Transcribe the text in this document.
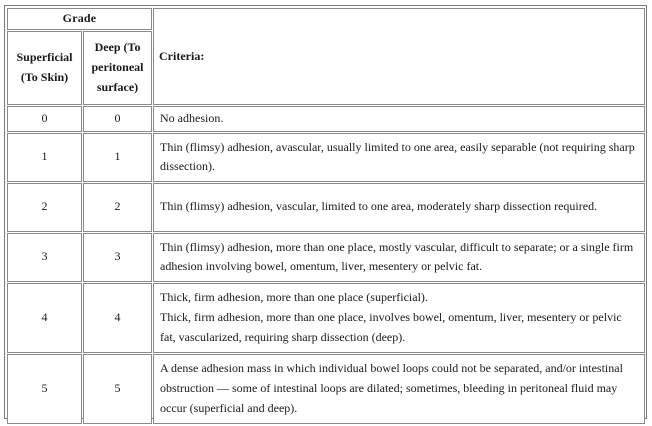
Grade		Criteria:
Superficial (To Skin)	Deep (To peritoneal surface)	
0	0	No adhesion.

1	1	Thin (flimsy) adhesion, avascular, usually limited to one area, easily separable (not requiring sharp dissection).

2	2	Thin (flimsy) adhesion, vascular, limited to one area, moderately sharp dissection required.

3	3	Thin (flimsy) adhesion, more than one place, mostly vascular, difficult to separate; or a single firm adhesion involving bowel, omentum, liver, mesentery or pelvic fat.

4	4	Thick, firm adhesion, more than one place (superficial).
Thick, firm adhesion, more than one place, involves bowel, omentum, liver, mesentery or pelvic fat, vascularized, requiring sharp dissection (deep).

5	5	A dense adhesion mass in which individual bowel loops could not be separated, and/or intestinal obstruction — some of intestinal loops are dilated; sometimes, bleeding in peritoneal fluid may occur (superficial and deep).
